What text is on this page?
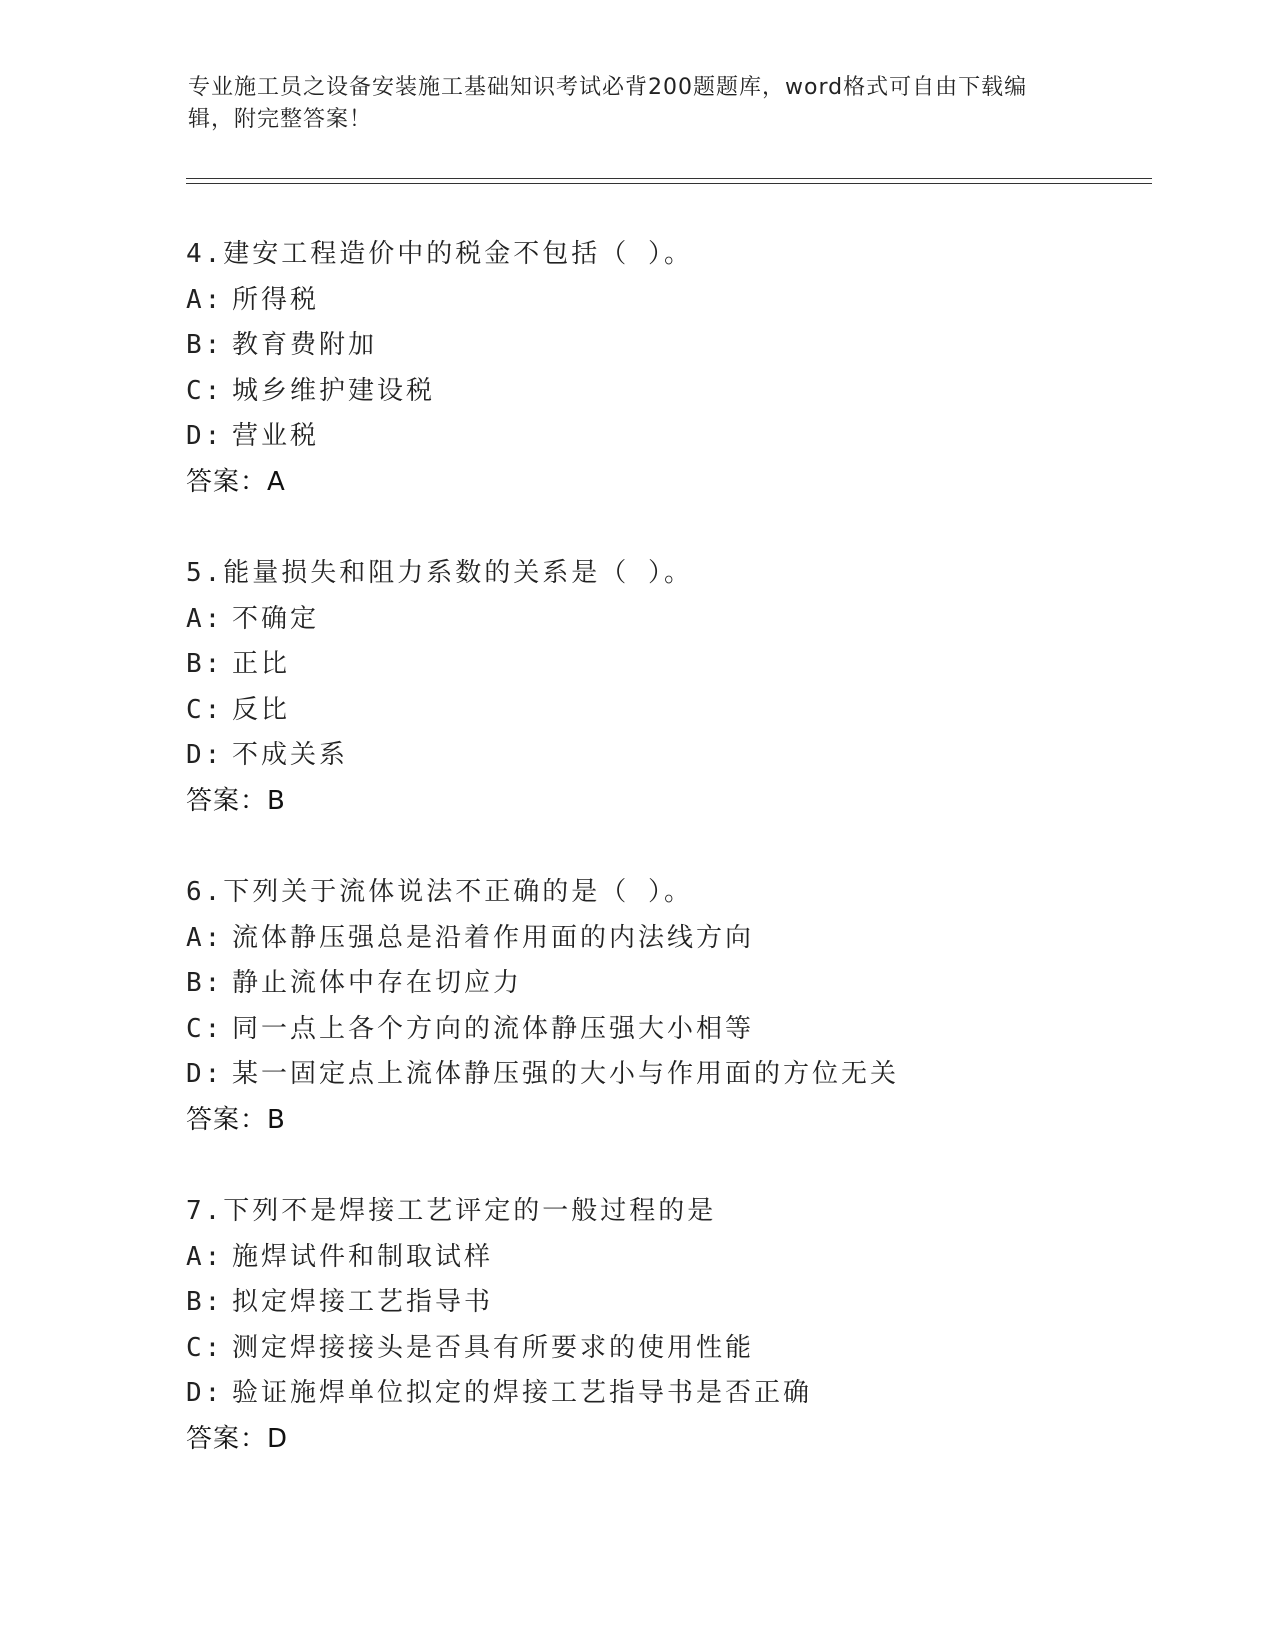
专业施工员之设备安装施工基础知识考试必背200题题库，word格式可自由下载编辑，附完整答案！
4.建安工程造价中的税金不包括（ ）。
A: 所得税
B: 教育费附加
C: 城乡维护建设税
D: 营业税
答案：A
5.能量损失和阻力系数的关系是（ ）。
A: 不确定
B: 正比
C: 反比
D: 不成关系
答案：B
6.下列关于流体说法不正确的是（ ）。
A: 流体静压强总是沿着作用面的内法线方向
B: 静止流体中存在切应力
C: 同一点上各个方向的流体静压强大小相等
D: 某一固定点上流体静压强的大小与作用面的方位无关
答案：B
7.下列不是焊接工艺评定的一般过程的是
A: 施焊试件和制取试样
B: 拟定焊接工艺指导书
C: 测定焊接接头是否具有所要求的使用性能
D: 验证施焊单位拟定的焊接工艺指导书是否正确
答案：D
